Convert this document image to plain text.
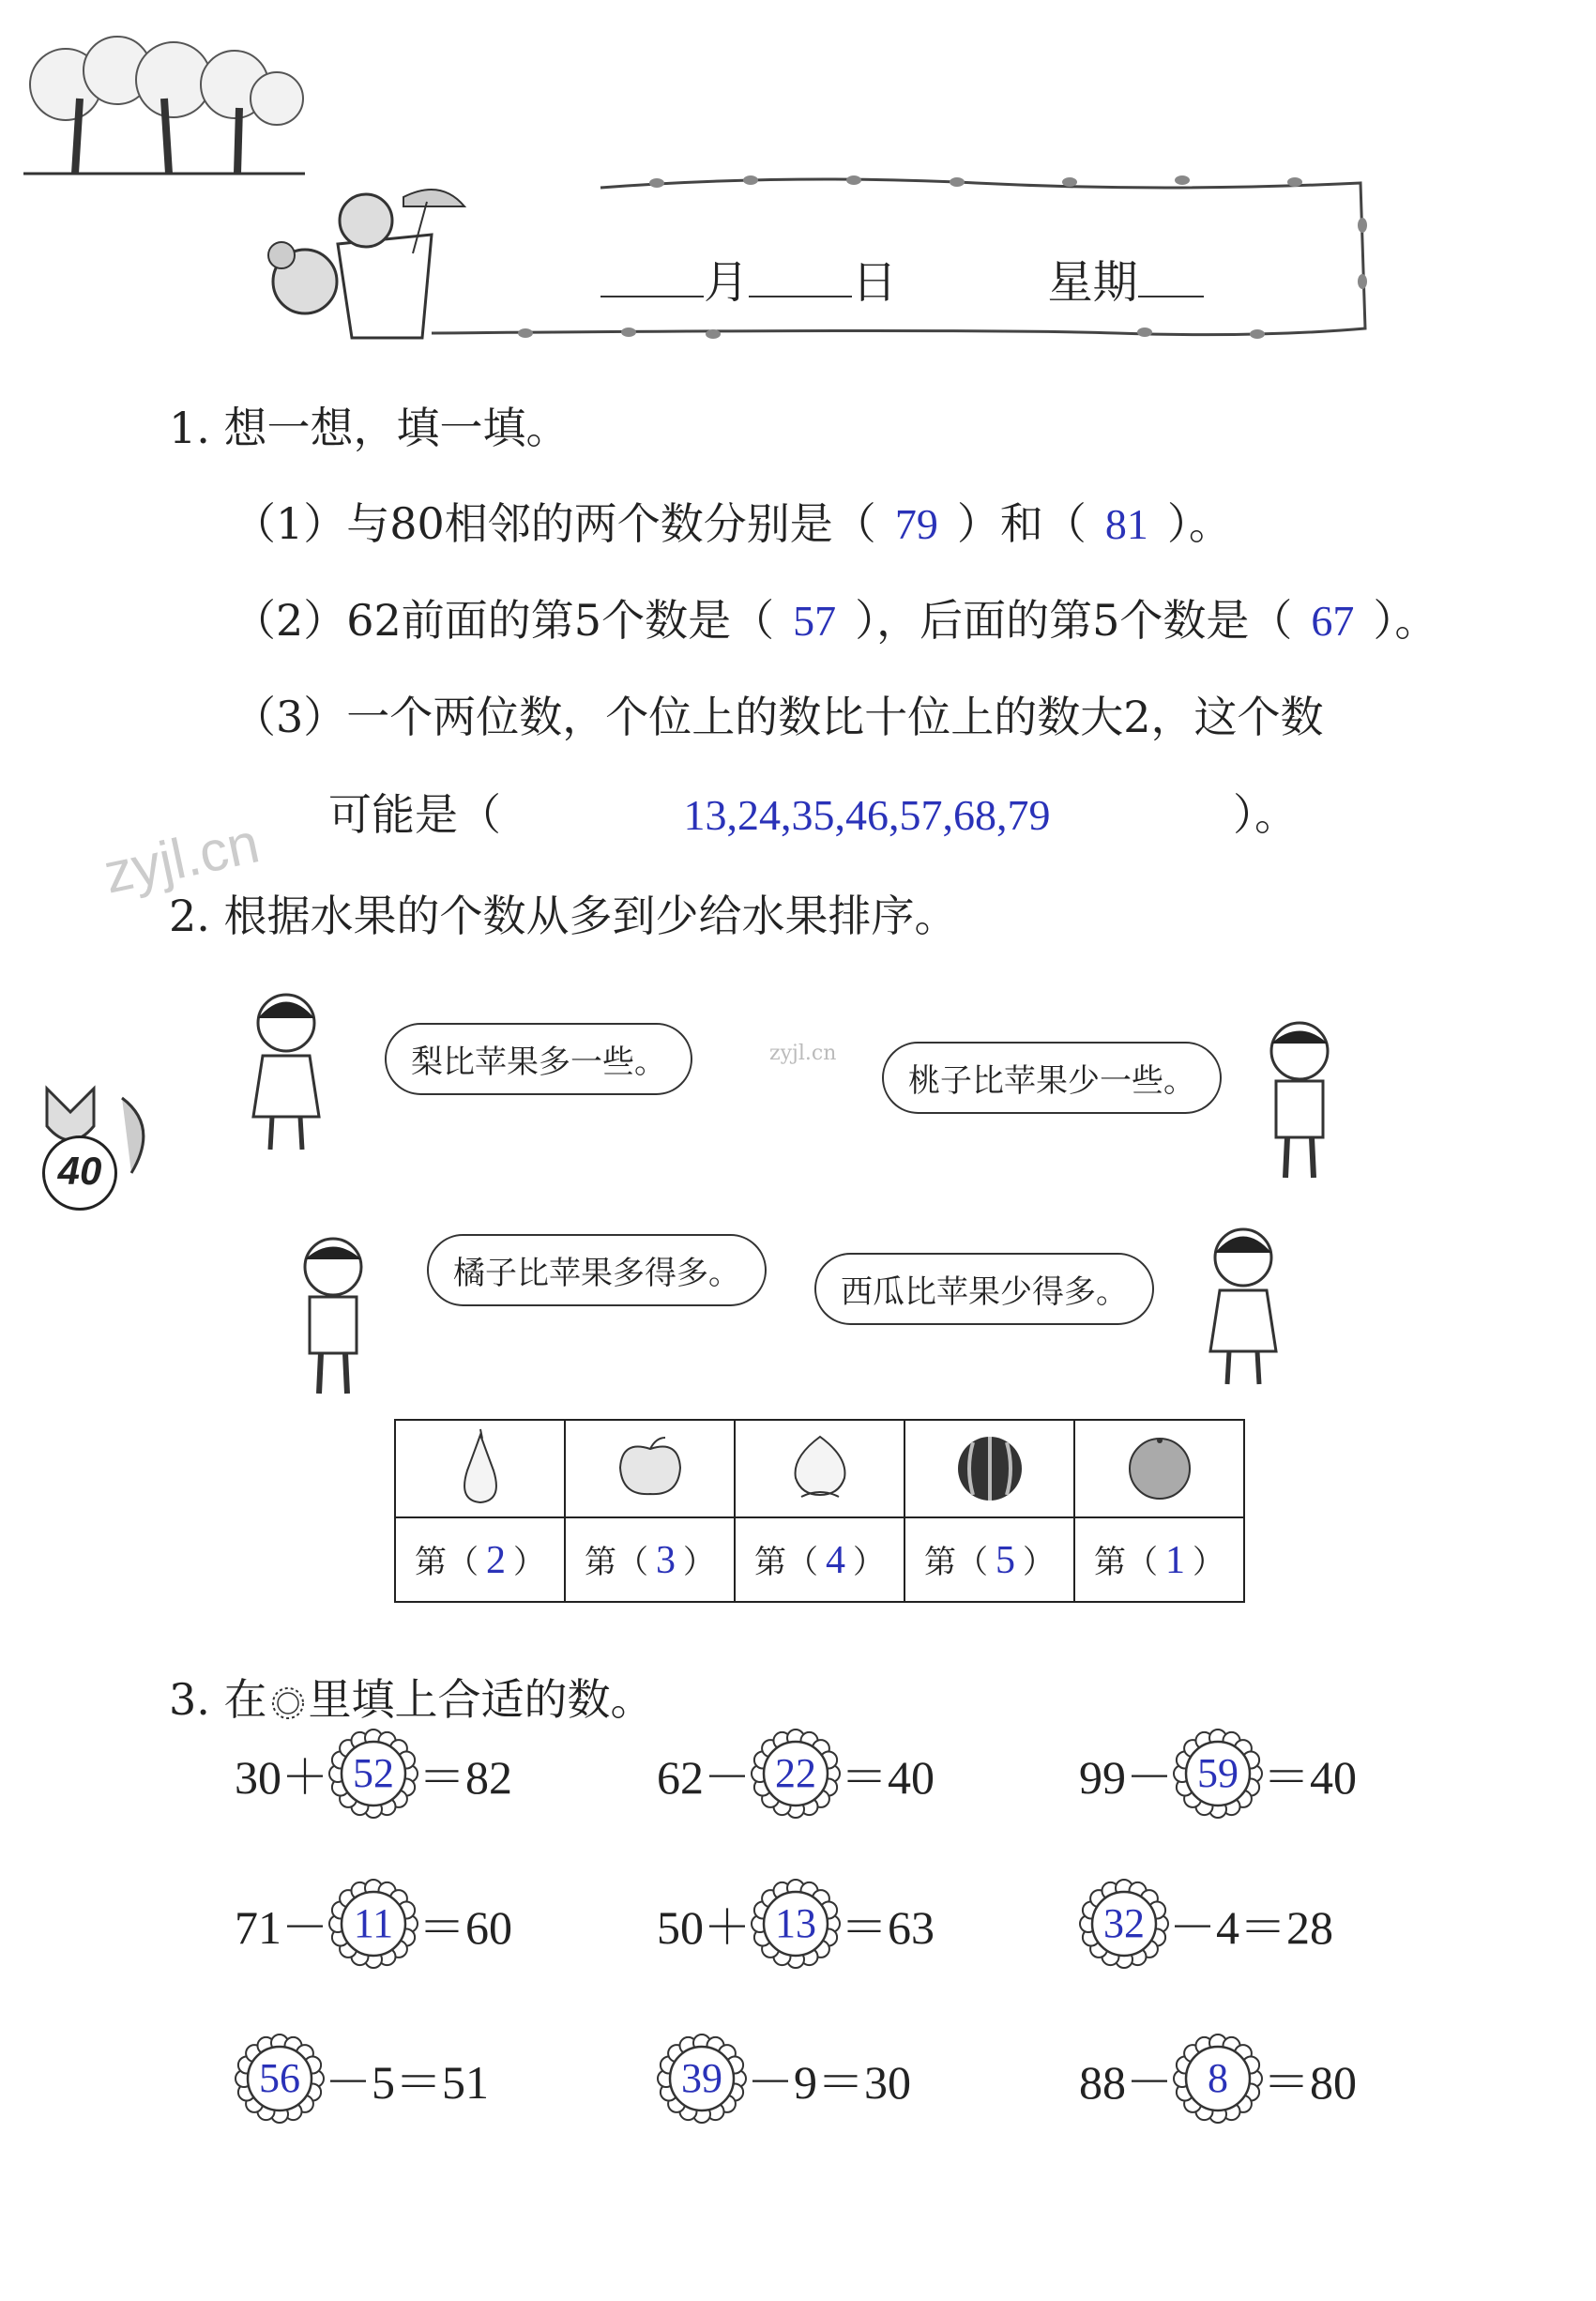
月 日	星期
1. 想一想，填一填。
（1）与80相邻的两个数分别是（ 79 ）和（ 81 ）。
（2）62前面的第5个数是（ 57 ），后面的第5个数是（ 67 ）。
（3）一个两位数，个位上的数比十位上的数大2，这个数
可能是（	13,24,35,46,57,68,79	）。
zyjl.cn
2. 根据水果的个数从多到少给水果排序。
梨比苹果多一些。	zyjl.cn
桃子比苹果少一些。
40
橘子比苹果多得多。	西瓜比苹果少得多。

第（ 2 ）	第（ 3 ）	第（ 4 ）	第（ 5 ）	第（ 1 ）
3. 在 里填上合适的数。
30＋ 52 ＝82	62－ 22 ＝40	99－ 59 ＝40
71－ 11 ＝60	50＋ 13 ＝63	32 －4＝28
56 －5＝51	39 －9＝30	88－ 8 ＝80
